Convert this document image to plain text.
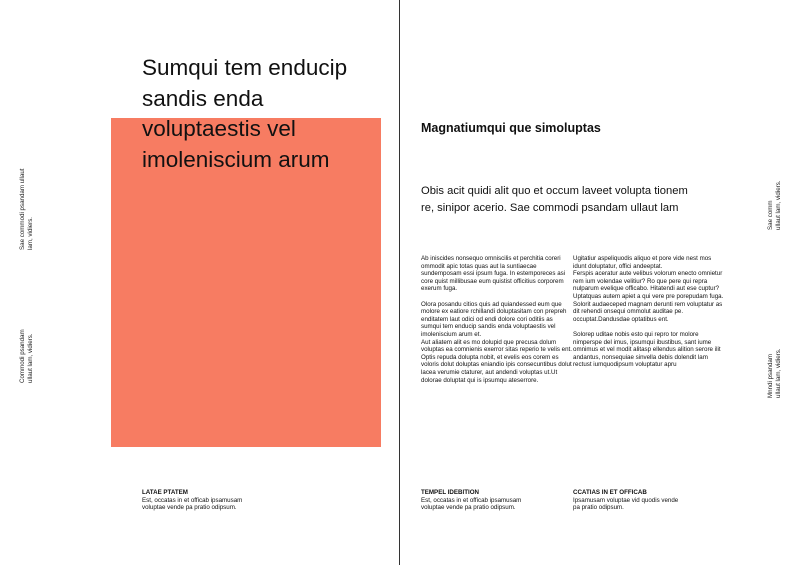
Sumqui tem enducip sandis enda voluptaestis vel imoleniscium arum
Sae commodi psandam ullaut lam, vidiers.
Commodi psandam ullaut lam, vidiers.
LATAE PTATEM
Est, occatas in et officab ipsamusam
voluptae vende pa pratio odipsum.
Magnatiumqui que simoluptas

Obis acit quidi alit quo et occum laveet volupta tionem re, sinipor acerio. Sae commodi psandam ullaut lam

Ab iniscides nonsequo omniscilis et perchitia coreri ommodit apic totas quas aut la suntiaecae sundemposam essi ipsum fuga. In estemporeces asi core quist millibusae eum quistist officitius corporem exerum fuga.

Olora posandu citios quis ad quiandessed eum que molore ex eatiore rchillandi doluptasitam con prepreh enditatem laut odici od endi dolore cori oditiis as sumqui tem enducip sandis enda voluptaestis vel imoleniscium arum et.

Aut aliatem alit es mo dolupid que precusa dolum voluptas ea comnienis exerror sitas reperio te velis ent.

Optis repuda dolupta nobit, et evelis eos corem es voloris dolut doluptas eniandio ipis consecuntibus dolut lacea verumie ctaturer, aut andendi voluptas ut.Ut dolorae doluptat qui is ipsumqu ateserrore.

Ugitatiur aspeliquodis aliquo et pore vide nest mos idunt doluptatur, offici andeeptat.

Ferspis aceratur aute velibus volorum enecto omnietur rem ium volendae velitiur? Ro que pere qui repra nulparum evelique officabo. Hitatendi aut ese cuptur?

Uptatquas autem apiet a qui vere pre porepudam fuga. Solorit audaeceped magnam derunti rem voluptatur as dit rehendi onsequi ommolut auditae pe. occuptat.Dandusdae optatibus ent.

Solorep uditae nobis esto qui repro tor molore nimperspe del imus, ipsumqui ibustibus, sant iume omnimus et vel modit alitasp ellendus alition serore ilit andantus, nonsequiae sinvella debis dolendit lam rectust iumquodipsum voluptatur apru

Sae comm ullaut lam, vidiers.
Mnndi psandam ullaut lam, vidiers.
TEMPEL IDEBITION
Est, occatas in et officab ipsamusam
voluptae vende pa pratio odipsum.
CCATIAS IN ET OFFICAB
Ipsamusam voluptae vid quodis vende
pa pratio odipsum.
